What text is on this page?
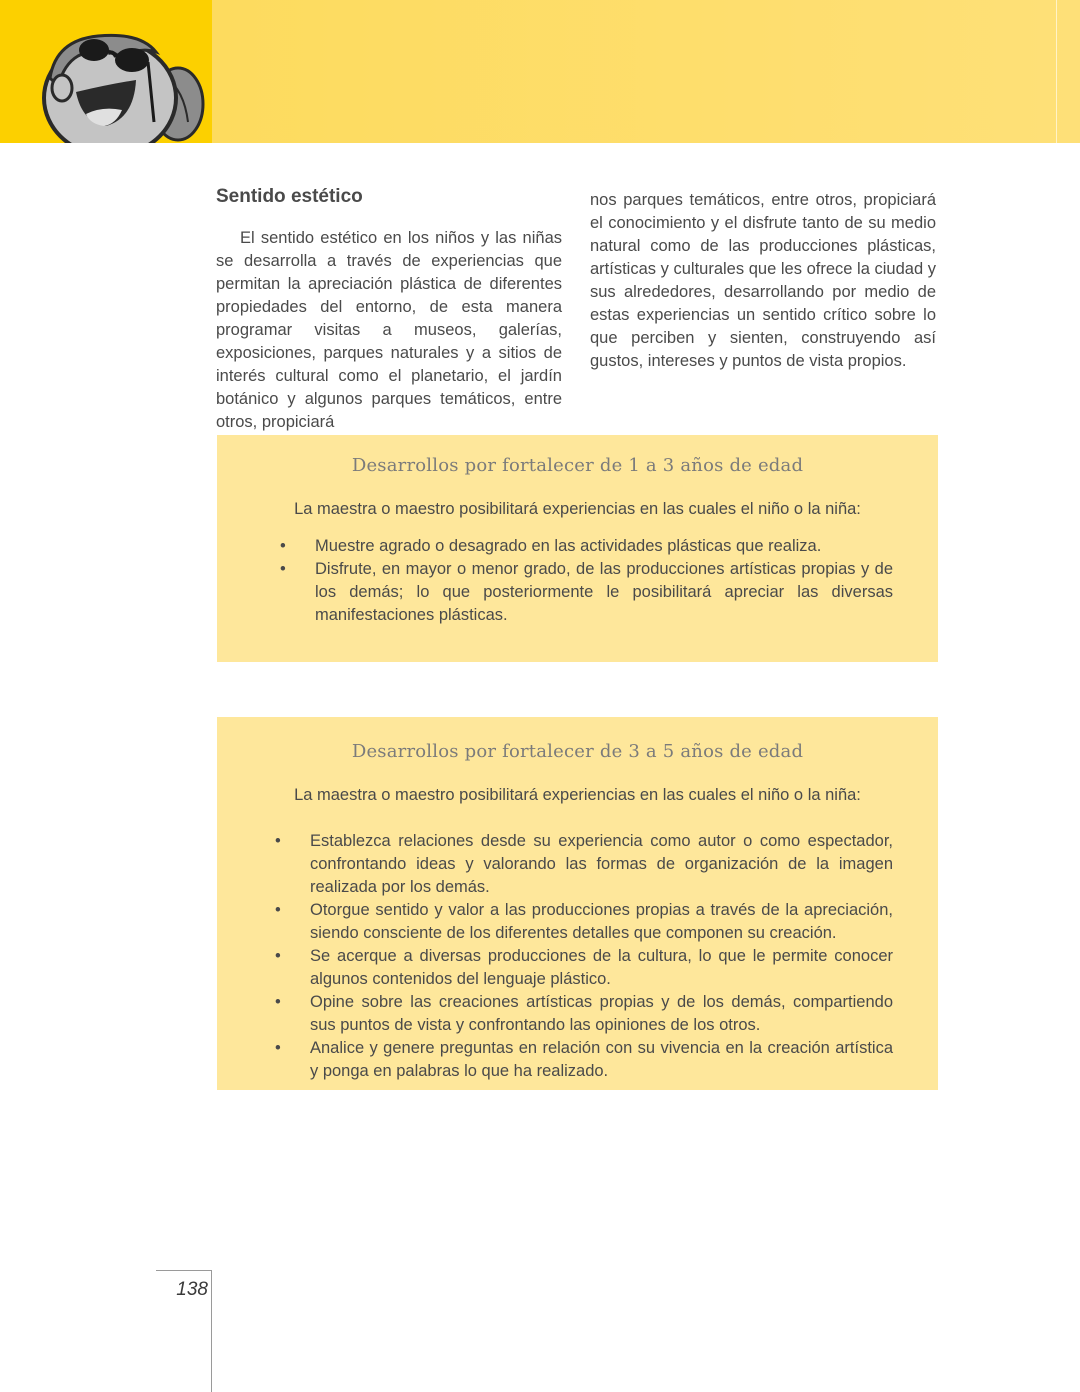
Sentido estético

El sentido estético en los niños y las niñas se desarrolla a través de experiencias que permitan la apreciación plástica de diferentes propiedades del entorno, de esta manera programar visitas a museos, galerías, exposiciones, parques naturales y a sitios de interés cultural como el planetario, el jardín botánico y algunos parques temáticos, entre otros, propiciará

nos parques temáticos, entre otros, propiciará el conocimiento y el disfrute tanto de su medio natural como de las producciones plásticas, artísticas y culturales que les ofrece la ciudad y sus alrededores, desarrollando por medio de estas experiencias un sentido crítico sobre lo que perciben y sienten, construyendo así gustos, intereses y puntos de vista propios.

Desarrollos por fortalecer de 1 a 3 años de edad

La maestra o maestro posibilitará experiencias en las cuales el niño o la niña:

• Muestre agrado o desagrado en las actividades plásticas que realiza.
• Disfrute, en mayor o menor grado, de las producciones artísticas propias y de los demás; lo que posteriormente le posibilitará apreciar las diversas manifestaciones plásticas.
Desarrollos por fortalecer de 3 a 5 años de edad

La maestra o maestro posibilitará experiencias en las cuales el niño o la niña:

• Establezca relaciones desde su experiencia como autor o como espectador, confrontando ideas y valorando las formas de organización de la imagen realizada por los demás.
• Otorgue sentido y valor a las producciones propias a través de la apreciación, siendo consciente de los diferentes detalles que componen su creación.
• Se acerque a diversas producciones de la cultura, lo que le permite conocer algunos contenidos del lenguaje plástico.
• Opine sobre las creaciones artísticas propias y de los demás, compartiendo sus puntos de vista y confrontando las opiniones de los otros.
• Analice y genere preguntas en relación con su vivencia en la creación artística y ponga en palabras lo que ha realizado.
138
